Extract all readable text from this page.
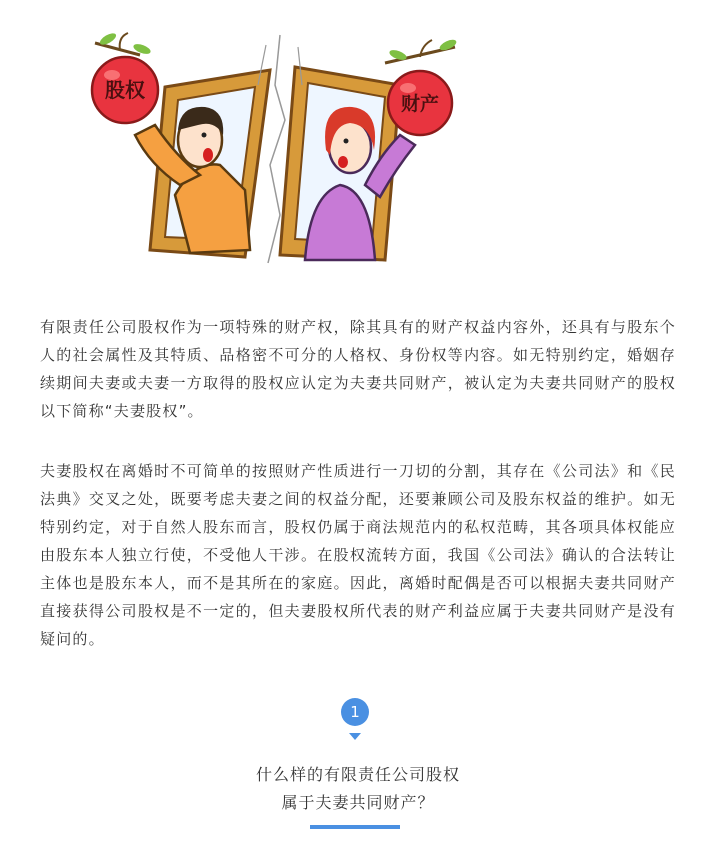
股权
财产

有限责任公司股权作为一项特殊的财产权，除其具有的财产权益内容外，还具有与股东个人的社会属性及其特质、品格密不可分的人格权、身份权等内容。如无特别约定，婚姻存续期间夫妻或夫妻一方取得的股权应认定为夫妻共同财产，被认定为夫妻共同财产的股权以下简称“夫妻股权”。

夫妻股权在离婚时不可简单的按照财产性质进行一刀切的分割，其存在《公司法》和《民法典》交叉之处，既要考虑夫妻之间的权益分配，还要兼顾公司及股东权益的维护。如无特别约定，对于自然人股东而言，股权仍属于商法规范内的私权范畴，其各项具体权能应由股东本人独立行使，不受他人干涉。在股权流转方面，我国《公司法》确认的合法转让主体也是股东本人，而不是其所在的家庭。因此，离婚时配偶是否可以根据夫妻共同财产直接获得公司股权是不一定的，但夫妻股权所代表的财产利益应属于夫妻共同财产是没有疑问的。

1
什么样的有限责任公司股权
属于夫妻共同财产？
